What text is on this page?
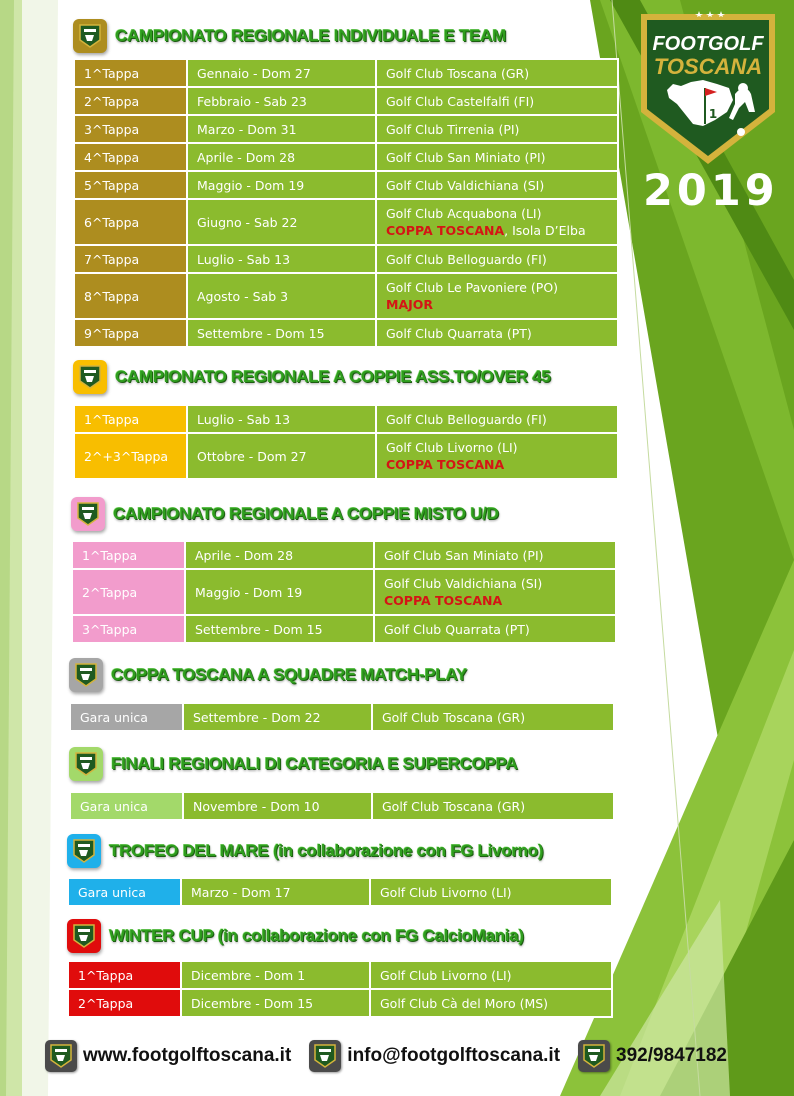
FOOTGOLF
TOSCANA
1
2019
CAMPIONATO REGIONALE INDIVIDUALE E TEAM
1^Tappa	Gennaio - Dom 27	Golf Club Toscana (GR)
2^Tappa	Febbraio - Sab 23	Golf Club Castelfalfi (FI)
3^Tappa	Marzo - Dom 31	Golf Club Tirrenia (PI)
4^Tappa	Aprile - Dom 28	Golf Club San Miniato (PI)
5^Tappa	Maggio - Dom 19	Golf Club Valdichiana (SI)
6^Tappa	Giugno - Sab 22	Golf Club Acquabona (LI)
COPPA TOSCANA, Isola D’Elba

7^Tappa	Luglio - Sab 13	Golf Club Belloguardo (FI)
8^Tappa	Agosto - Sab 3	Golf Club Le Pavoniere (PO)
MAJOR

9^Tappa	Settembre - Dom 15	Golf Club Quarrata (PT)
CAMPIONATO REGIONALE A COPPIE ASS.TO/OVER 45
1^Tappa	Luglio - Sab 13	Golf Club Belloguardo (FI)
2^+3^Tappa	Ottobre - Dom 27	Golf Club Livorno (LI)
COPPA TOSCANA
CAMPIONATO REGIONALE A COPPIE MISTO U/D
1^Tappa	Aprile - Dom 28	Golf Club San Miniato (PI)
2^Tappa	Maggio - Dom 19	Golf Club Valdichiana (SI)
COPPA TOSCANA

3^Tappa	Settembre - Dom 15	Golf Club Quarrata (PT)
COPPA TOSCANA A SQUADRE MATCH-PLAY
Gara unica	Settembre - Dom 22	Golf Club Toscana (GR)
FINALI REGIONALI DI CATEGORIA E SUPERCOPPA
Gara unica	Novembre - Dom 10	Golf Club Toscana (GR)
TROFEO DEL MARE (in collaborazione con FG Livorno)
Gara unica	Marzo - Dom 17	Golf Club Livorno (LI)
WINTER CUP (in collaborazione con FG CalcioMania)
1^Tappa	Dicembre - Dom 1	Golf Club Livorno (LI)
2^Tappa	Dicembre - Dom 15	Golf Club Cà del Moro (MS)
www.footgolftoscana.it	info@footgolftoscana.it	392/9847182
